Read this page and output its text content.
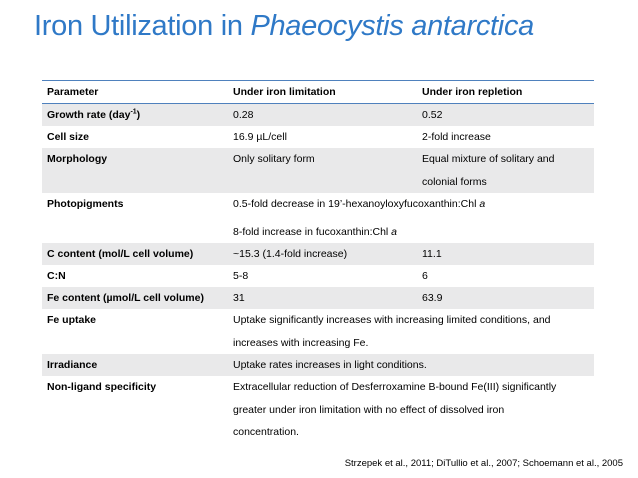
Iron Utilization in Phaeocystis antarctica
Parameter	Under iron limitation	Under iron repletion
Growth rate (day$^{-1}$)	0.28	0.52
Cell size	16.9 µL/cell	2-fold increase
Morphology	Only solitary form	Equal mixture of solitary and
colonial forms
Photopigments	0.5-fold decrease in 19’-hexanoyloxyfucoxanthin:Chl a
8-fold increase in fucoxanthin:Chl a
C content (mol/L cell volume)	~15.3 (1.4-fold increase)	11.1
C:N	5-8	6
Fe content (µmol/L cell volume)	31	63.9
Fe uptake	Uptake significantly increases with increasing limited conditions, and
increases with increasing Fe.
Irradiance	Uptake rates increases in light conditions.
Non-ligand specificity	Extracellular reduction of Desferroxamine B-bound Fe(III) significantly
greater under iron limitation with no effect of dissolved iron
concentration.
Strzepek et al., 2011; DiTullio et al., 2007; Schoemann et al., 2005
